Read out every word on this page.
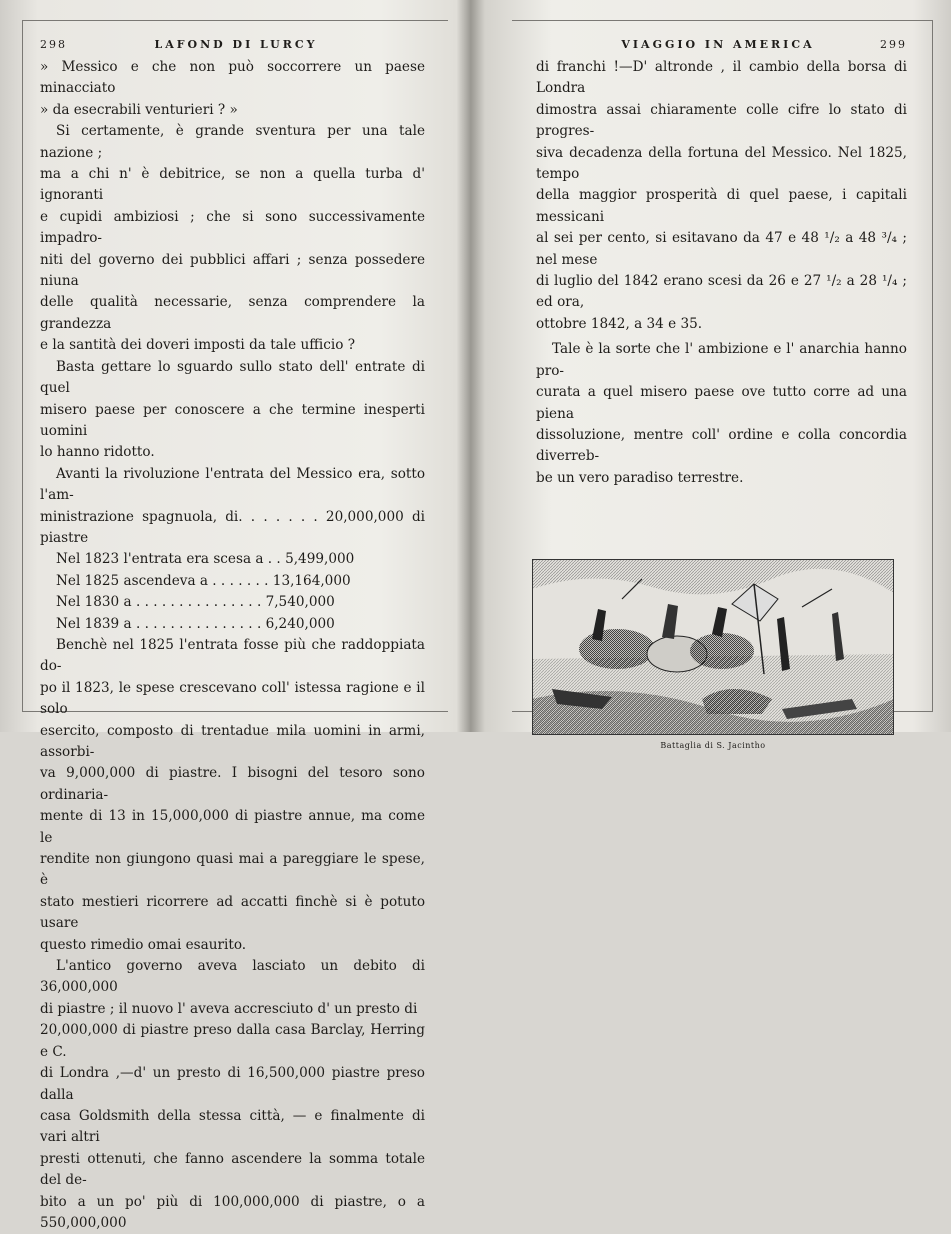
298	LAFOND DI LURCY

» Messico e che non può soccorrere un paese minacciato
» da esecrabili venturieri ? »

Si certamente, è grande sventura per una tale nazione ;
ma a chi n' è debitrice, se non a quella turba d' ignoranti
e cupidi ambiziosi ; che si sono successivamente impadro-
niti del governo dei pubblici affari ; senza possedere niuna
delle qualità necessarie, senza comprendere la grandezza
e la santità dei doveri imposti da tale ufficio ?

Basta gettare lo sguardo sullo stato dell' entrate di quel
misero paese per conoscere a che termine inesperti uomini
lo hanno ridotto.

Avanti la rivoluzione l'entrata del Messico era, sotto l'am-
ministrazione spagnuola, di. . . . . . . 20,000,000 di piastre

Nel 1823 l'entrata era scesa a . . 5,499,000
Nel 1825 ascendeva a . . . . . . . 13,164,000
Nel 1830 a . . . . . . . . . . . . . . . 7,540,000
Nel 1839 a . . . . . . . . . . . . . . . 6,240,000

Benchè nel 1825 l'entrata fosse più che raddoppiata do-
po il 1823, le spese crescevano coll' istessa ragione e il solo
esercito, composto di trentadue mila uomini in armi, assorbi-
va 9,000,000 di piastre. I bisogni del tesoro sono ordinaria-
mente di 13 in 15,000,000 di piastre annue, ma come le
rendite non giungono quasi mai a pareggiare le spese, è
stato mestieri ricorrere ad accatti finchè si è potuto usare
questo rimedio omai esaurito.

L'antico governo aveva lasciato un debito di 36,000,000
di piastre ; il nuovo l' aveva accresciuto d' un presto di
20,000,000 di piastre preso dalla casa Barclay, Herring e C.
di Londra ,—d' un presto di 16,500,000 piastre preso dalla
casa Goldsmith della stessa città, — e finalmente di vari altri
presti ottenuti, che fanno ascendere la somma totale del de-
bito a un po' più di 100,000,000 di piastre, o a 550,000,000

VIAGGIO IN AMERICA	299

di franchi !—D' altronde , il cambio della borsa di Londra
dimostra assai chiaramente colle cifre lo stato di progres-
siva decadenza della fortuna del Messico. Nel 1825, tempo
della maggior prosperità di quel paese, i capitali messicani
al sei per cento, si esitavano da 47 e 48 ¹/₂ a 48 ³/₄ ; nel mese
di luglio del 1842 erano scesi da 26 e 27 ¹/₂ a 28 ¹/₄ ; ed ora,
ottobre 1842, a 34 e 35.

Tale è la sorte che l' ambizione e l' anarchia hanno pro-
curata a quel misero paese ove tutto corre ad una piena
dissoluzione, mentre coll' ordine e colla concordia diverreb-
be un vero paradiso terrestre.

Battaglia di S. Jacintho
